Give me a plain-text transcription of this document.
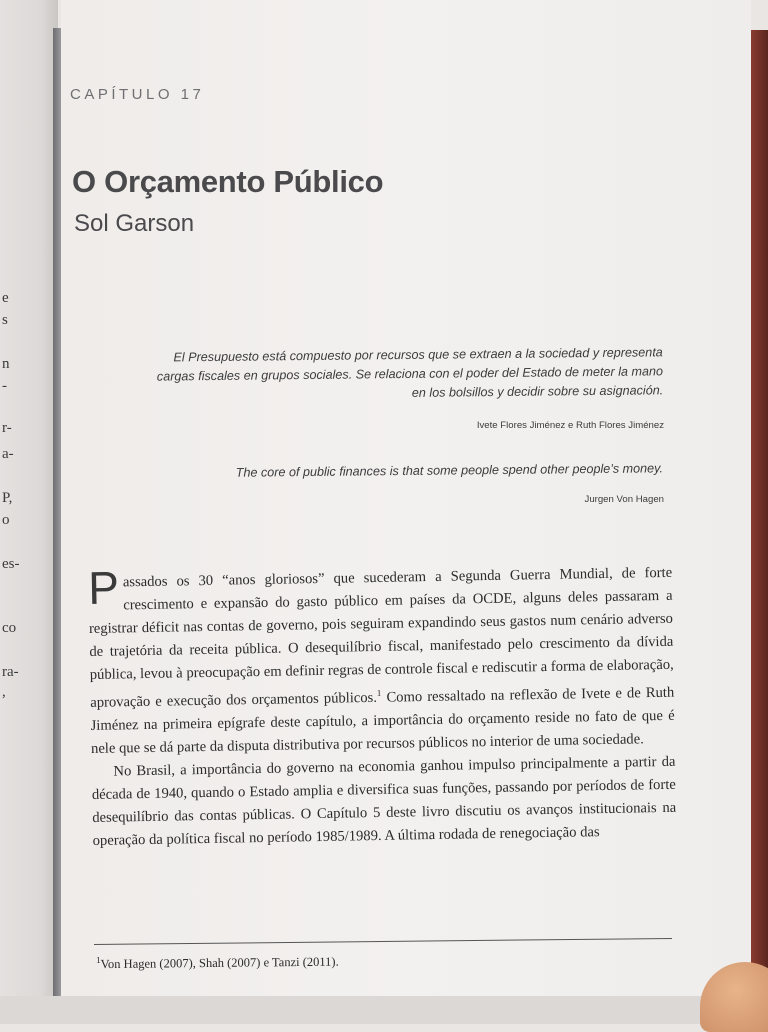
e
s
n
-
r-
a-
P,
o
es-
co
ra-
,
CAPÍTULO 17
O Orçamento Público
Sol Garson
El Presupuesto está compuesto por recursos que se extraen a la sociedad y representa cargas fiscales en grupos sociales. Se relaciona con el poder del Estado de meter la mano en los bolsillos y decidir sobre su asignación.
Ivete Flores Jiménez e Ruth Flores Jiménez
The core of public finances is that some people spend other people’s money.
Jurgen Von Hagen

Passados os 30 “anos gloriosos” que sucederam a Segunda Guerra Mundial, de forte crescimento e expansão do gasto público em países da OCDE, alguns deles passaram a registrar déficit nas contas de governo, pois seguiram expandindo seus gastos num cenário adverso de trajetória da receita pública. O desequilíbrio fiscal, manifestado pelo crescimento da dívida pública, levou à preocupação em definir regras de controle fiscal e rediscutir a forma de elaboração, aprovação e execução dos orçamentos públicos.$^1$ Como ressaltado na reflexão de Ivete e de Ruth Jiménez na primeira epígrafe deste capítulo, a importância do orçamento reside no fato de que é nele que se dá parte da disputa distributiva por recursos públicos no interior de uma sociedade.

No Brasil, a importância do governo na economia ganhou impulso principalmente a partir da década de 1940, quando o Estado amplia e diversifica suas funções, passando por períodos de forte desequilíbrio das contas públicas. O Capítulo 5 deste livro discutiu os avanços institucionais na operação da política fiscal no período 1985/1989. A última rodada de renegociação das

$^1$Von Hagen (2007), Shah (2007) e Tanzi (2011).
